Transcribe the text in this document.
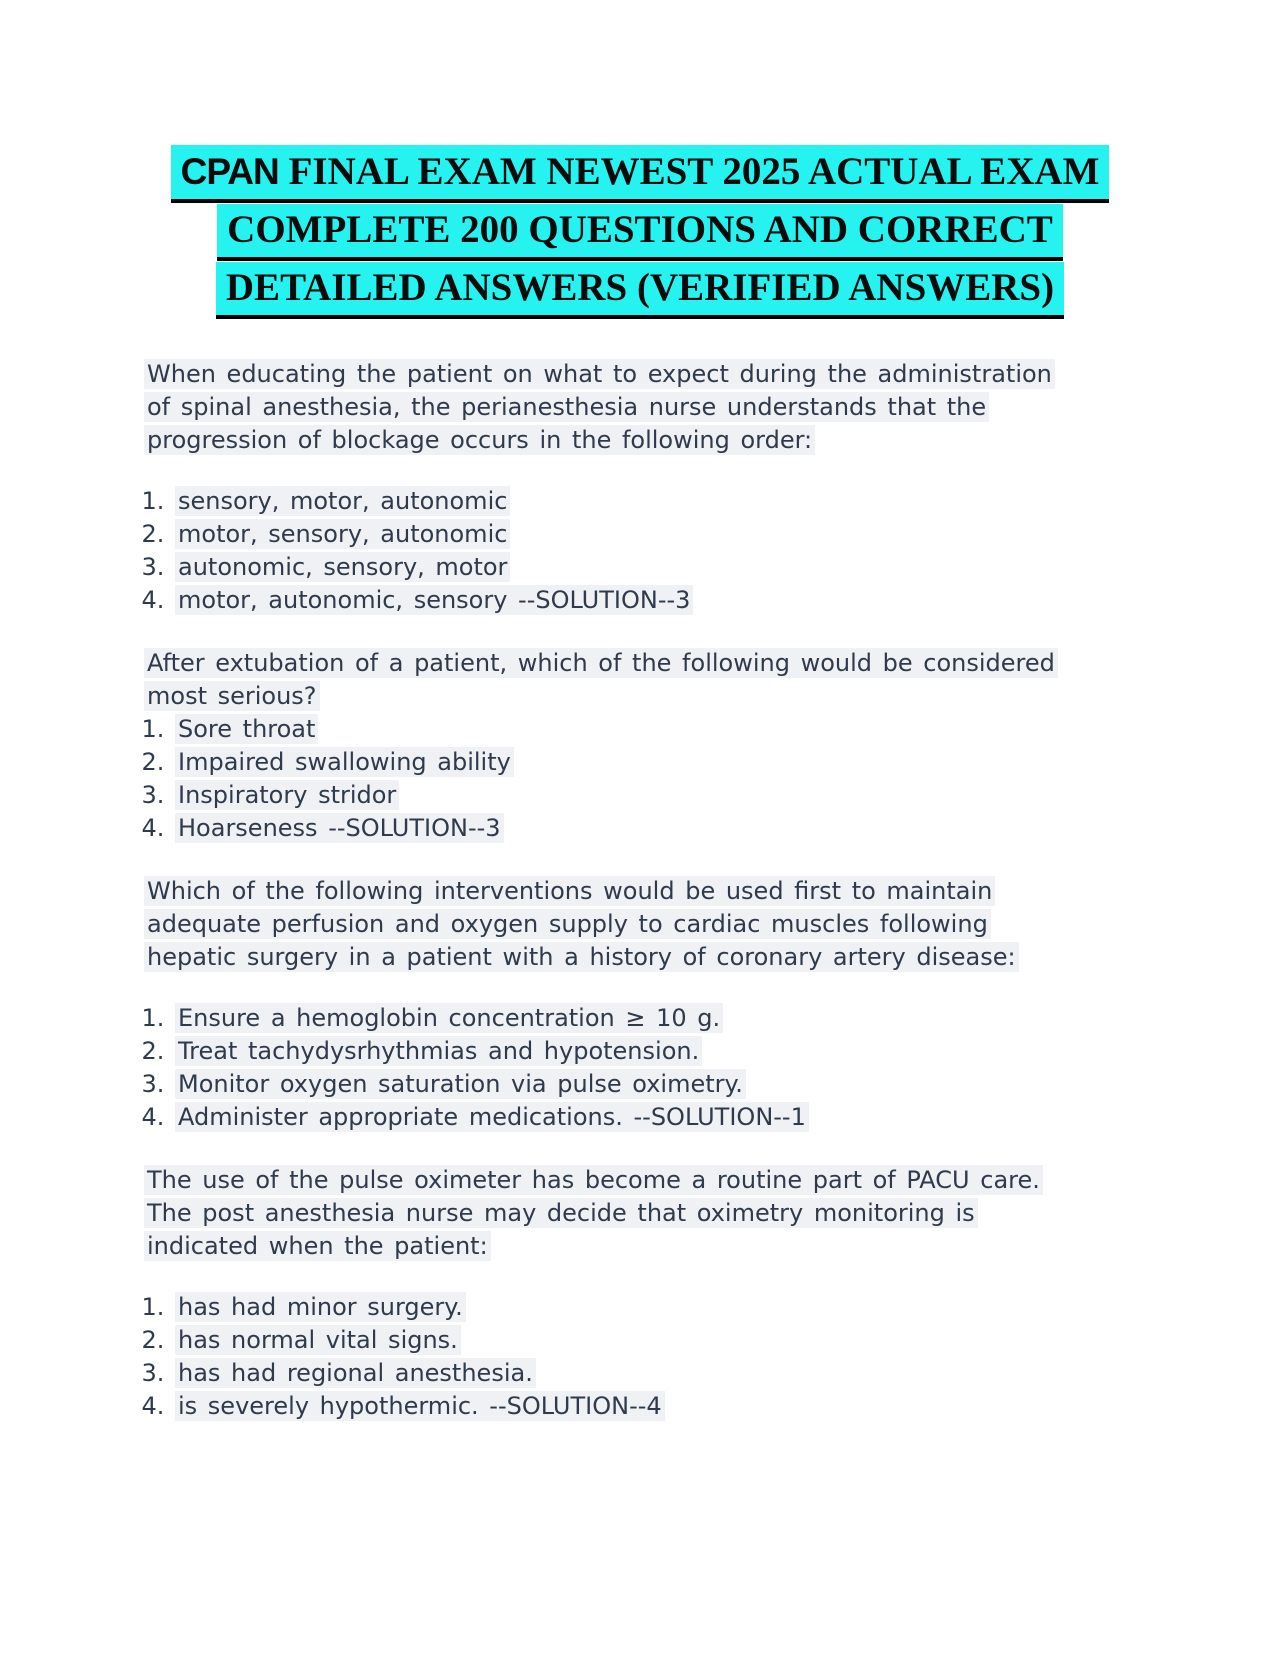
CPAN FINAL EXAM NEWEST 2025 ACTUAL EXAM
COMPLETE 200 QUESTIONS AND CORRECT
DETAILED ANSWERS (VERIFIED ANSWERS)

When educating the patient on what to expect during the administration of spinal anesthesia, the perianesthesia nurse understands that the progression of blockage occurs in the following order:

1. sensory, motor, autonomic
2. motor, sensory, autonomic
3. autonomic, sensory, motor
4. motor, autonomic, sensory --SOLUTION--3

After extubation of a patient, which of the following would be considered most serious?

1. Sore throat
2. Impaired swallowing ability
3. Inspiratory stridor
4. Hoarseness --SOLUTION--3

Which of the following interventions would be used first to maintain adequate perfusion and oxygen supply to cardiac muscles following hepatic surgery in a patient with a history of coronary artery disease:

1. Ensure a hemoglobin concentration ≥ 10 g.
2. Treat tachydysrhythmias and hypotension.
3. Monitor oxygen saturation via pulse oximetry.
4. Administer appropriate medications. --SOLUTION--1

The use of the pulse oximeter has become a routine part of PACU care. The post anesthesia nurse may decide that oximetry monitoring is indicated when the patient:

1. has had minor surgery.
2. has normal vital signs.
3. has had regional anesthesia.
4. is severely hypothermic. --SOLUTION--4
